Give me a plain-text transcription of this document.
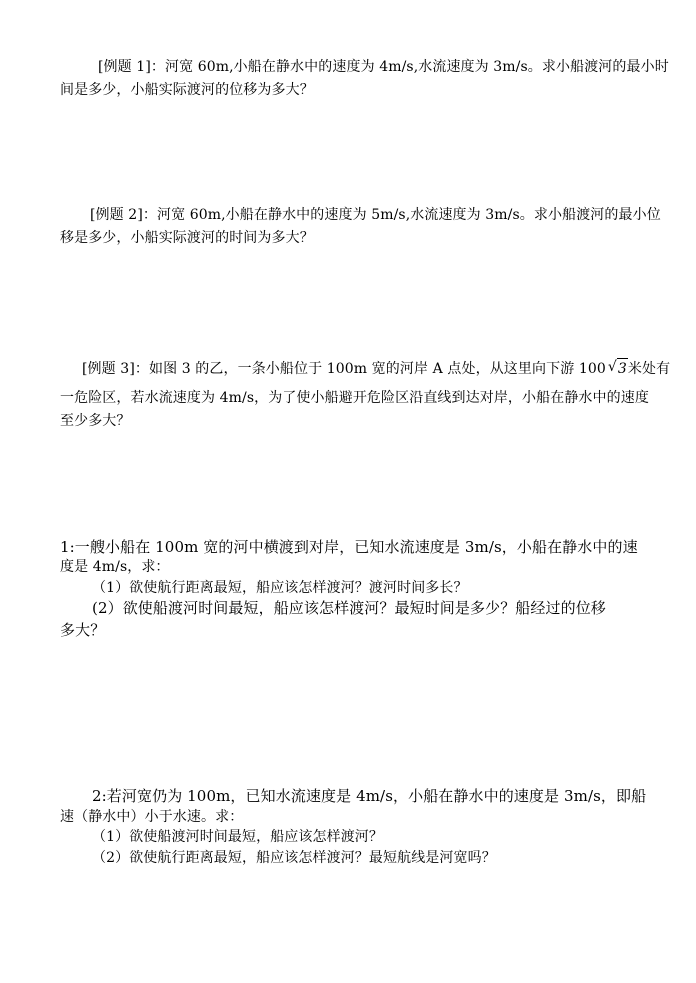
[例题 1]：河宽 60m,小船在静水中的速度为 4m/s,水流速度为 3m/s。求小船渡河的最小时
间是多少，小船实际渡河的位移为多大？
[例题 2]：河宽 60m,小船在静水中的速度为 5m/s,水流速度为 3m/s。求小船渡河的最小位
移是多少，小船实际渡河的时间为多大？
[例题 3]：如图 3 的乙，一条小船位于 100m 宽的河岸 A 点处，从这里向下游 100 √ 3米处有
一危险区，若水流速度为 4m/s，为了使小船避开危险区沿直线到达对岸，小船在静水中的速度
至少多大？
1:一艘小船在 100m 宽的河中横渡到对岸，已知水流速度是 3m/s，小船在静水中的速
度是 4m/s，求：
（1）欲使航行距离最短，船应该怎样渡河？渡河时间多长？
(2）欲使船渡河时间最短，船应该怎样渡河？最短时间是多少？船经过的位移
多大？
2:若河宽仍为 100m，已知水流速度是 4m/s，小船在静水中的速度是 3m/s，即船
速（静水中）小于水速。求：
（1）欲使船渡河时间最短，船应该怎样渡河？
（2）欲使航行距离最短，船应该怎样渡河？最短航线是河宽吗？
